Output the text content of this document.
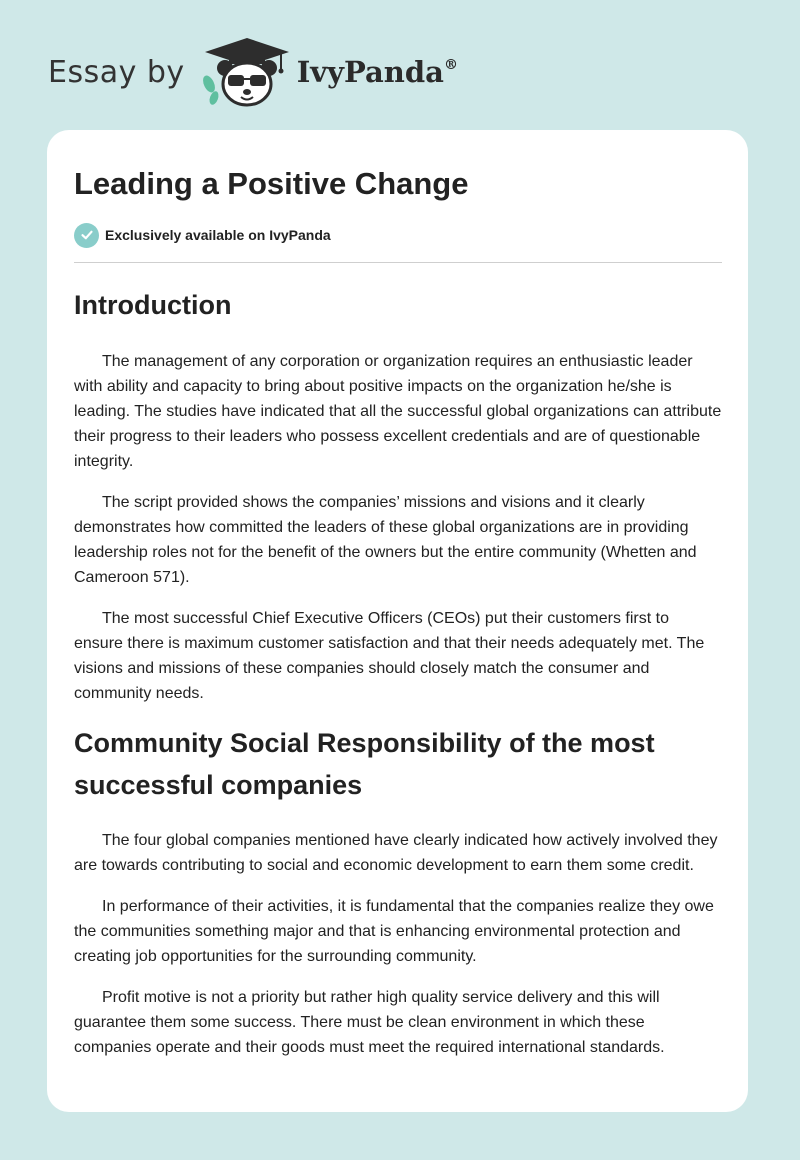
Essay by	IvyPanda®
Leading a Positive Change
Exclusively available on IvyPanda
Introduction

The management of any corporation or organization requires an enthusiastic leader with ability and capacity to bring about positive impacts on the organization he/she is leading. The studies have indicated that all the successful global organizations can attribute their progress to their leaders who possess excellent credentials and are of questionable integrity.

The script provided shows the companies’ missions and visions and it clearly demonstrates how committed the leaders of these global organizations are in providing leadership roles not for the benefit of the owners but the entire community (Whetten and Cameroon 571).

The most successful Chief Executive Officers (CEOs) put their customers first to ensure there is maximum customer satisfaction and that their needs adequately met. The visions and missions of these companies should closely match the consumer and community needs.

Community Social Responsibility of the most successful companies

The four global companies mentioned have clearly indicated how actively involved they are towards contributing to social and economic development to earn them some credit.

In performance of their activities, it is fundamental that the companies realize they owe the communities something major and that is enhancing environmental protection and creating job opportunities for the surrounding community.

Profit motive is not a priority but rather high quality service delivery and this will guarantee them some success. There must be clean environment in which these companies operate and their goods must meet the required international standards.
